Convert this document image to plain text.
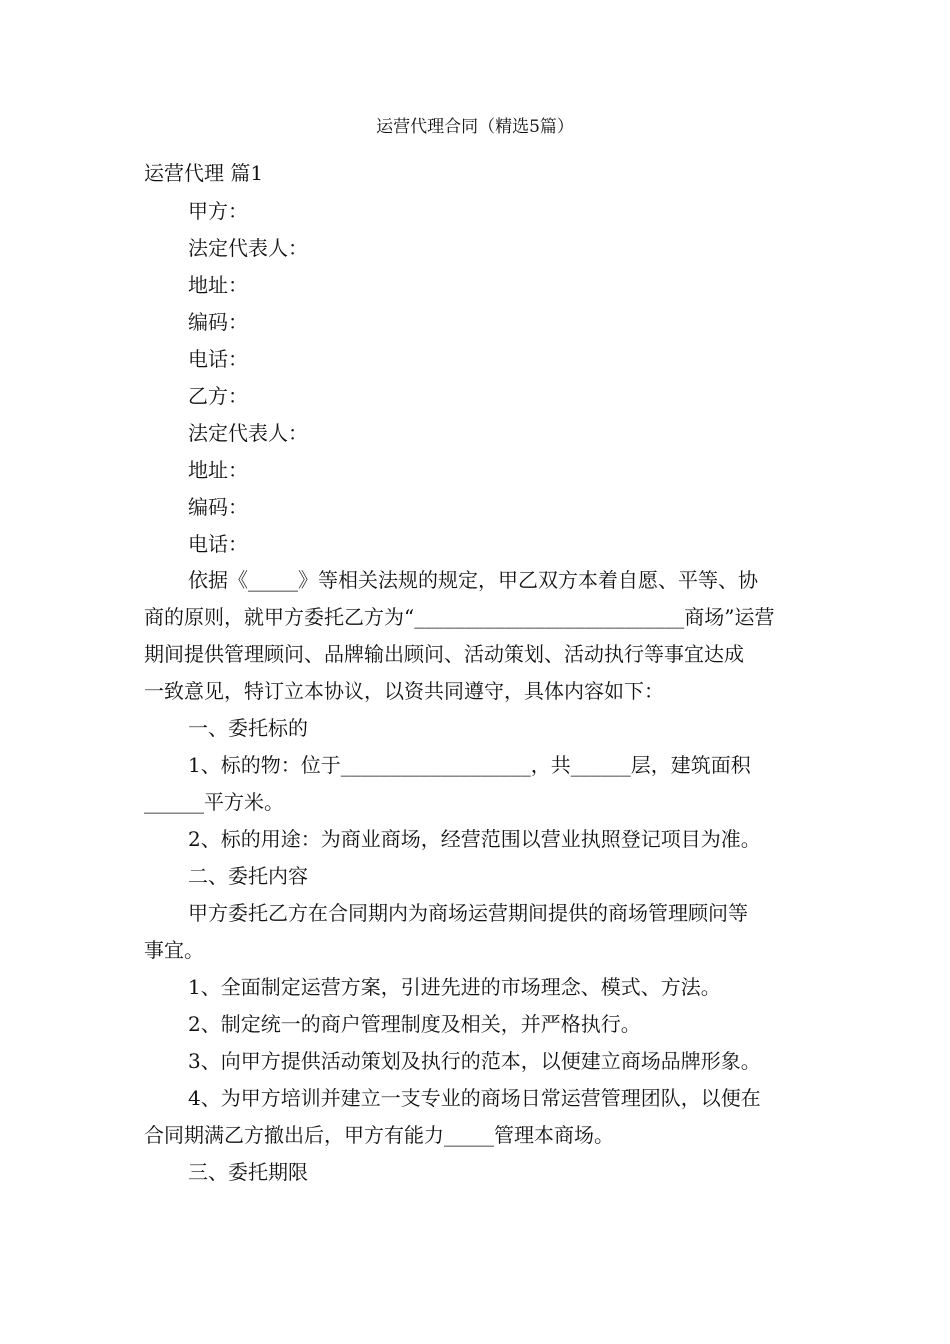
运营代理合同（精选5篇）
运营代理 篇1
甲方：
法定代表人：
地址：
编码：
电话：
乙方：
法定代表人：
地址：
编码：
电话：
依据《_____》等相关法规的规定，甲乙双方本着自愿、平等、协
商的原则，就甲方委托乙方为“___________________________商场”运营
期间提供管理顾问、品牌输出顾问、活动策划、活动执行等事宜达成
一致意见，特订立本协议，以资共同遵守，具体内容如下：
一、委托标的
1、标的物：位于___________________，共______层，建筑面积
______平方米。
2、标的用途：为商业商场，经营范围以营业执照登记项目为准。
二、委托内容
甲方委托乙方在合同期内为商场运营期间提供的商场管理顾问等
事宜。
1、全面制定运营方案，引进先进的市场理念、模式、方法。
2、制定统一的商户管理制度及相关，并严格执行。
3、向甲方提供活动策划及执行的范本，以便建立商场品牌形象。
4、为甲方培训并建立一支专业的商场日常运营管理团队，以便在
合同期满乙方撤出后，甲方有能力_____管理本商场。
三、委托期限
